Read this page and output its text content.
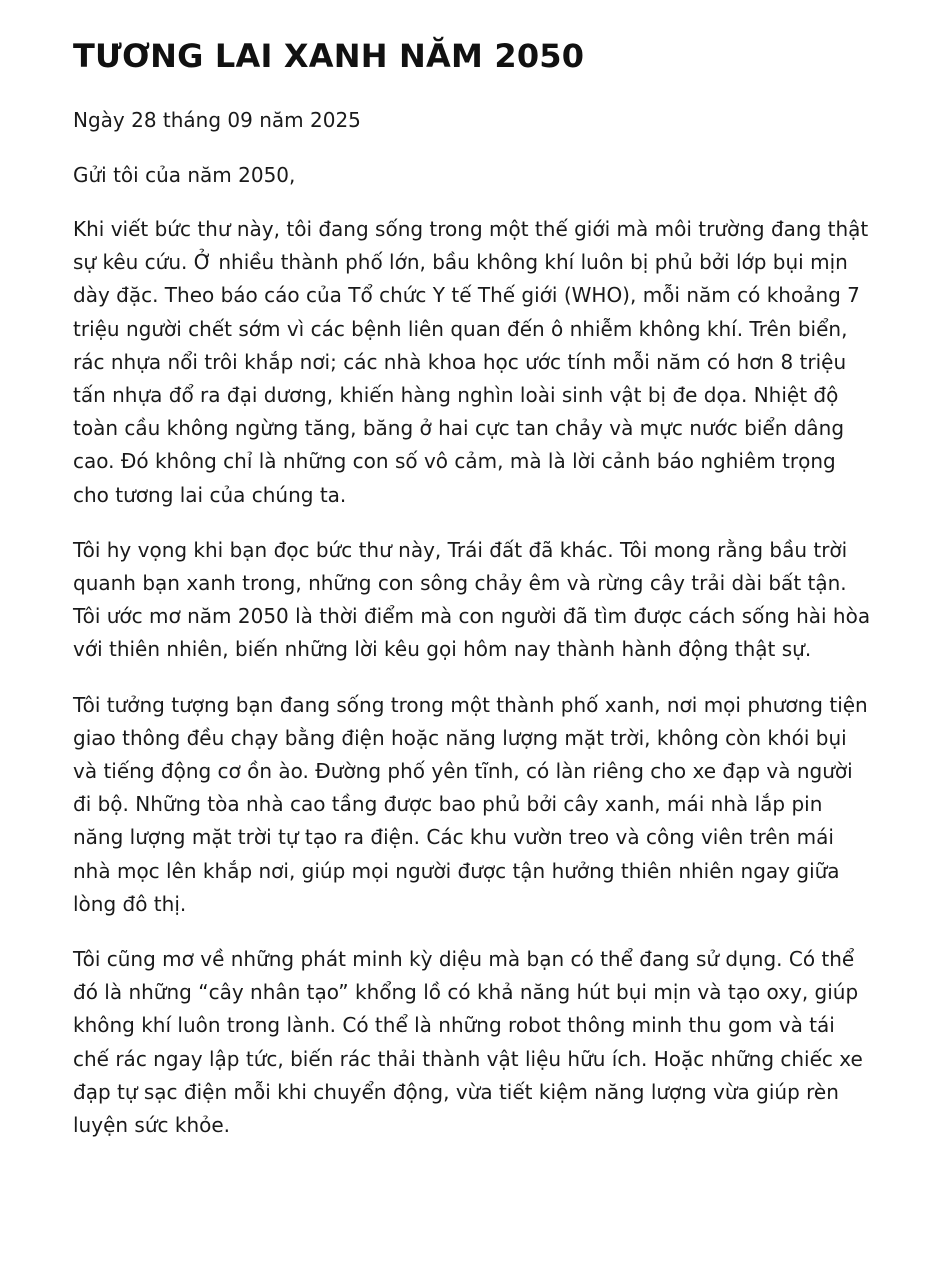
TƯƠNG LAI XANH NĂM 2050

Ngày 28 tháng 09 năm 2025

Gửi tôi của năm 2050,

Khi viết bức thư này, tôi đang sống trong một thế giới mà môi trường đang thật sự kêu cứu. Ở nhiều thành phố lớn, bầu không khí luôn bị phủ bởi lớp bụi mịn dày đặc. Theo báo cáo của Tổ chức Y tế Thế giới (WHO), mỗi năm có khoảng 7 triệu người chết sớm vì các bệnh liên quan đến ô nhiễm không khí. Trên biển, rác nhựa nổi trôi khắp nơi; các nhà khoa học ước tính mỗi năm có hơn 8 triệu tấn nhựa đổ ra đại dương, khiến hàng nghìn loài sinh vật bị đe dọa. Nhiệt độ toàn cầu không ngừng tăng, băng ở hai cực tan chảy và mực nước biển dâng cao. Đó không chỉ là những con số vô cảm, mà là lời cảnh báo nghiêm trọng cho tương lai của chúng ta.

Tôi hy vọng khi bạn đọc bức thư này, Trái đất đã khác. Tôi mong rằng bầu trời quanh bạn xanh trong, những con sông chảy êm và rừng cây trải dài bất tận. Tôi ước mơ năm 2050 là thời điểm mà con người đã tìm được cách sống hài hòa với thiên nhiên, biến những lời kêu gọi hôm nay thành hành động thật sự.

Tôi tưởng tượng bạn đang sống trong một thành phố xanh, nơi mọi phương tiện giao thông đều chạy bằng điện hoặc năng lượng mặt trời, không còn khói bụi và tiếng động cơ ồn ào. Đường phố yên tĩnh, có làn riêng cho xe đạp và người đi bộ. Những tòa nhà cao tầng được bao phủ bởi cây xanh, mái nhà lắp pin năng lượng mặt trời tự tạo ra điện. Các khu vườn treo và công viên trên mái nhà mọc lên khắp nơi, giúp mọi người được tận hưởng thiên nhiên ngay giữa lòng đô thị.

Tôi cũng mơ về những phát minh kỳ diệu mà bạn có thể đang sử dụng. Có thể đó là những “cây nhân tạo” khổng lồ có khả năng hút bụi mịn và tạo oxy, giúp không khí luôn trong lành. Có thể là những robot thông minh thu gom và tái chế rác ngay lập tức, biến rác thải thành vật liệu hữu ích. Hoặc những chiếc xe đạp tự sạc điện mỗi khi chuyển động, vừa tiết kiệm năng lượng vừa giúp rèn luyện sức khỏe.
